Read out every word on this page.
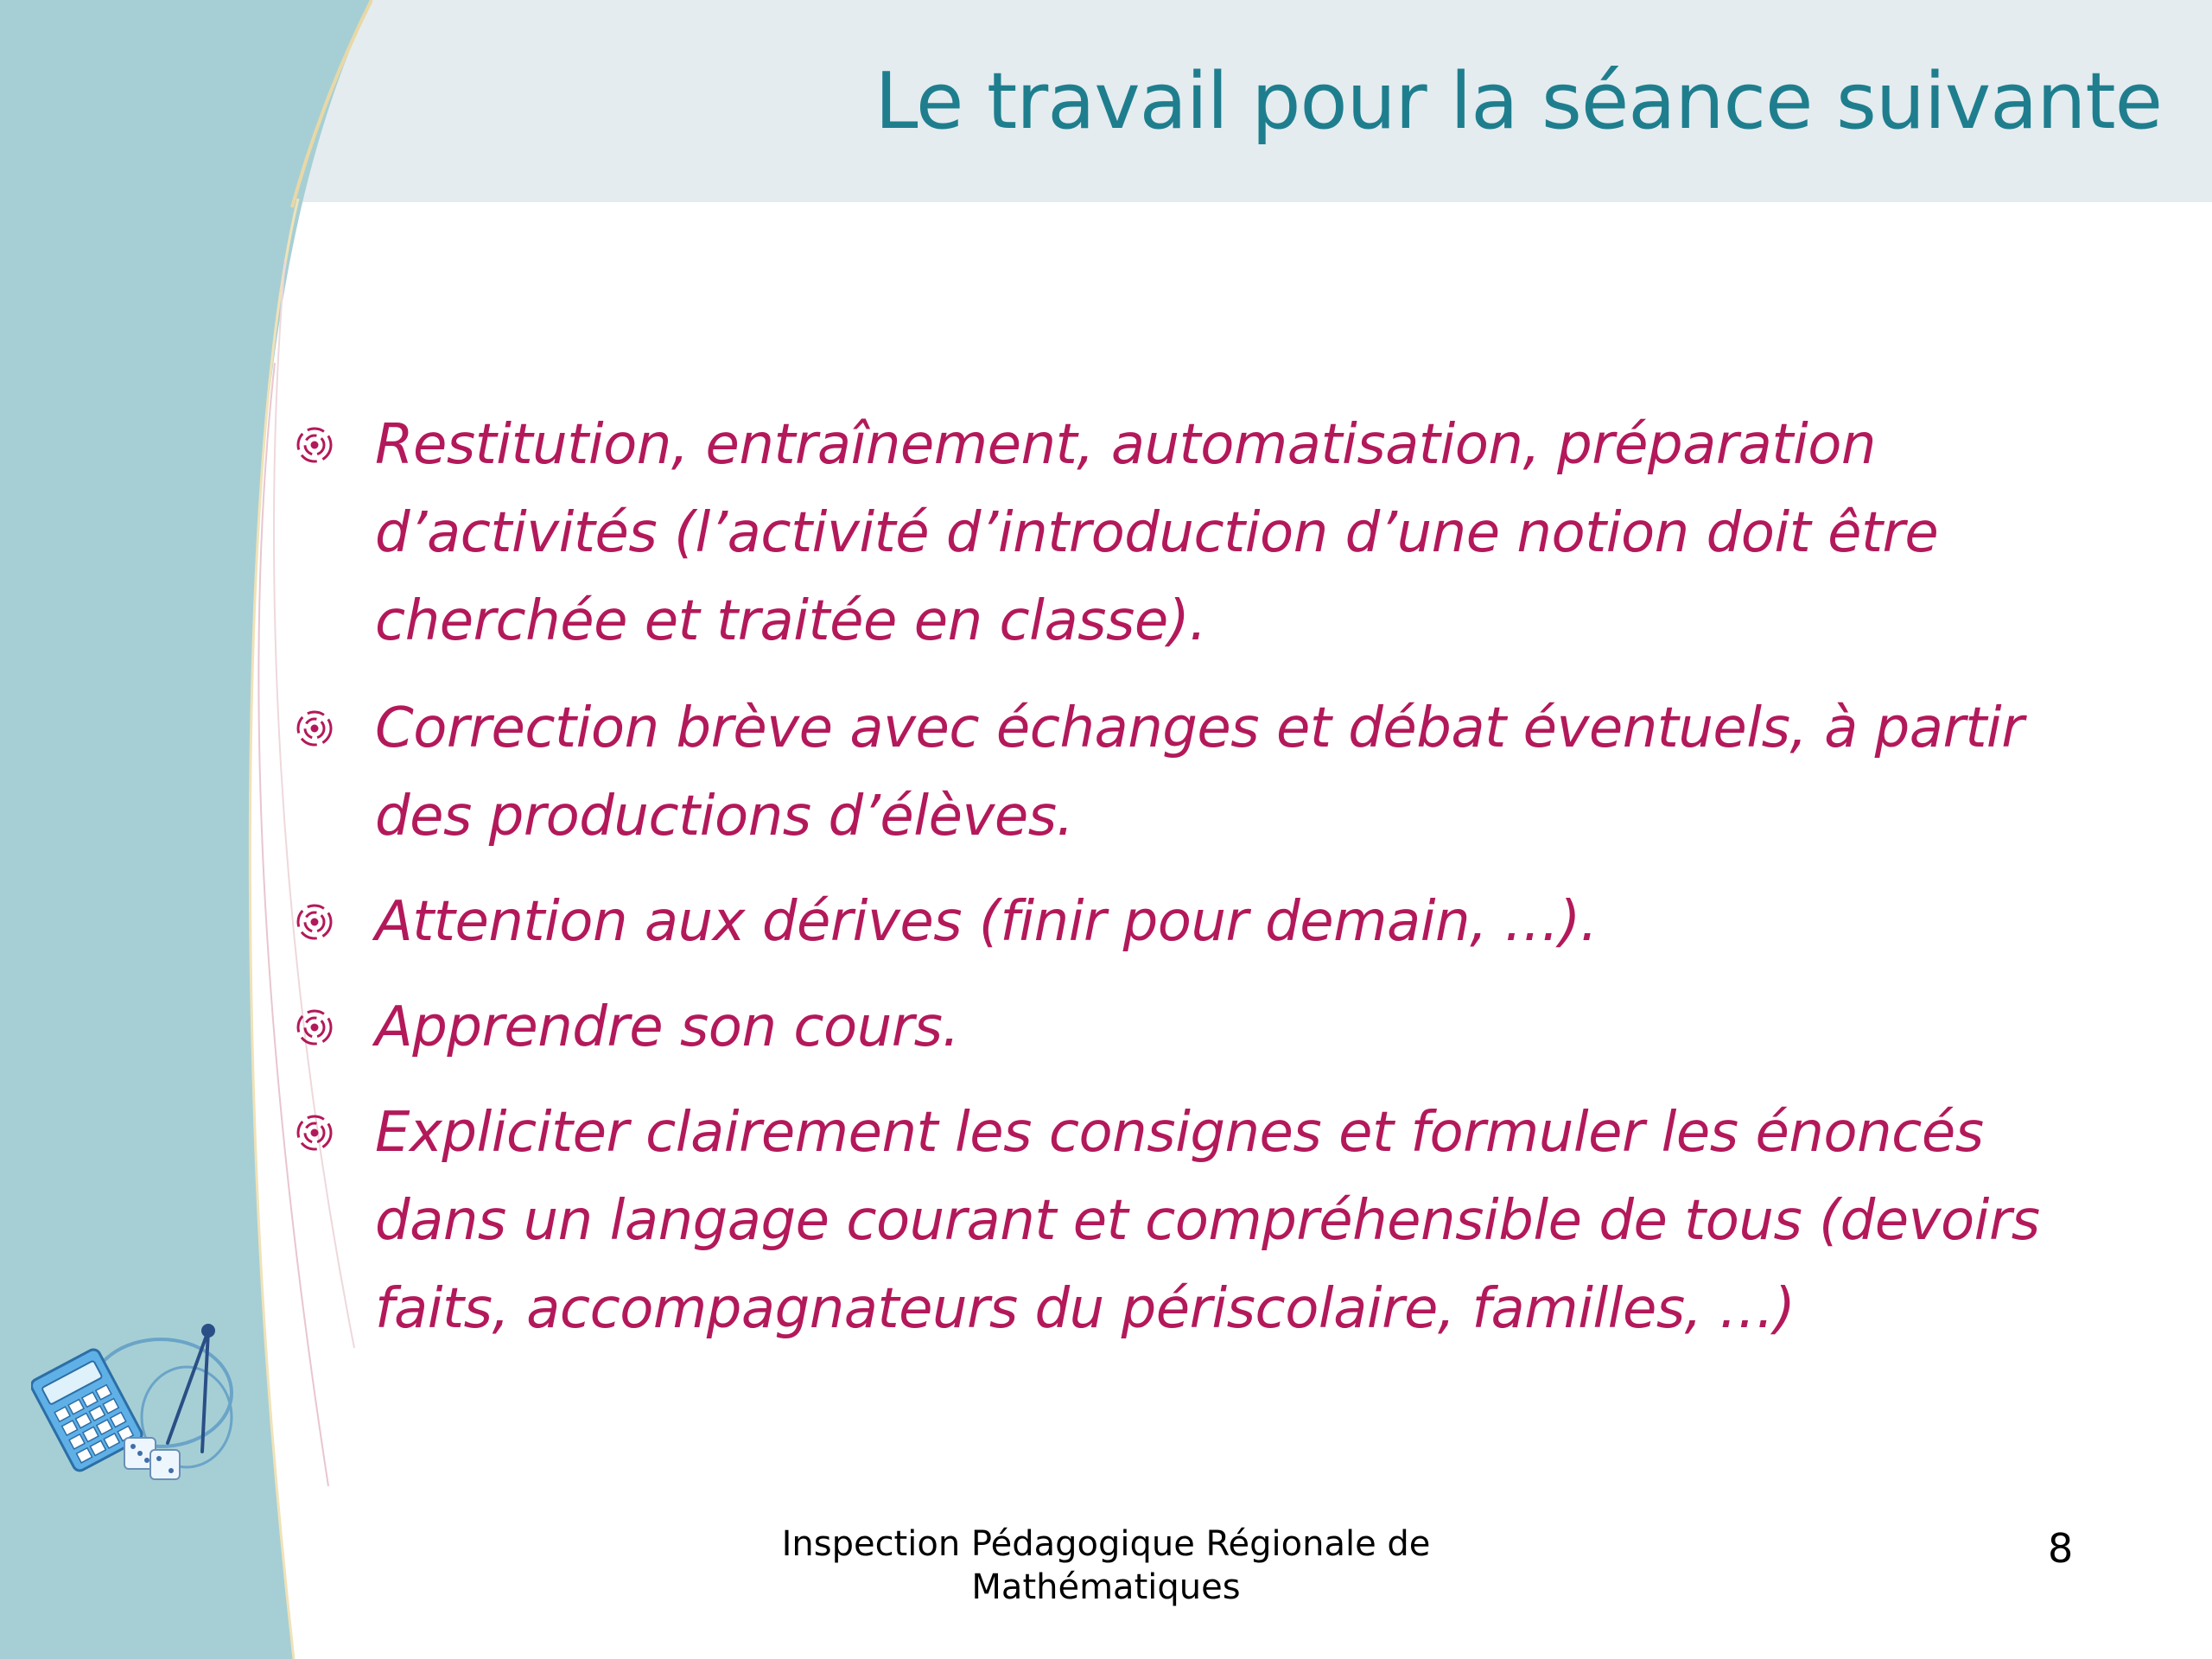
Le travail pour la séance suivante
Restitution, entraînement, automatisation, préparation d’activités (l’activité d’introduction d’une notion doit être cherchée et traitée en classe).
Correction brève avec échanges et débat éventuels, à partir des productions d’élèves.
Attention aux dérives (finir pour demain, …).
Apprendre son cours.
Expliciter clairement les consignes et formuler les énoncés dans un langage courant et compréhensible de tous (devoirs faits, accompagnateurs du périscolaire, familles, …)
Inspection Pédagogique Régionale de
Mathématiques
8
